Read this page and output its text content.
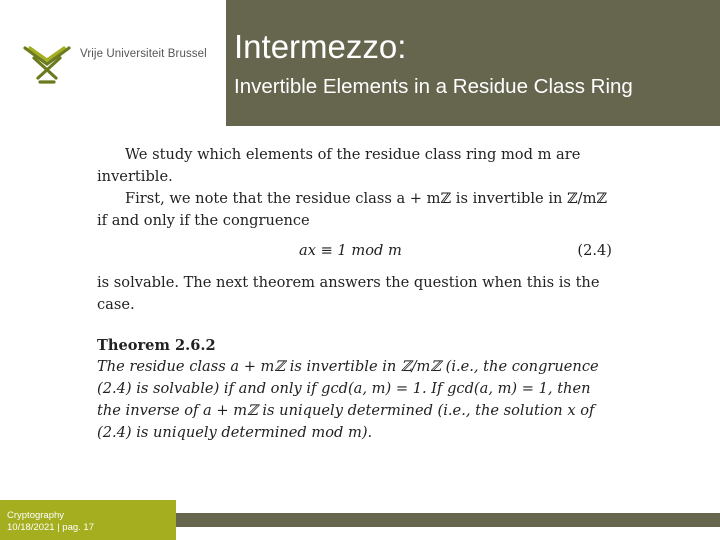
Vrije Universiteit Brussel Intermezzo:
Invertible Elements in a Residue Class Ring

We study which elements of the residue class ring mod m are invertible.

First, we note that the residue class a + mℤ is invertible in ℤ/mℤ if and only if the congruence

ax ≡ 1 mod m	(2.4)

is solvable. The next theorem answers the question when this is the case.

Theorem 2.6.2

The residue class a + mℤ is invertible in ℤ/mℤ (i.e., the congruence (2.4) is solvable) if and only if gcd(a, m) = 1. If gcd(a, m) = 1, then the inverse of a + mℤ is uniquely determined (i.e., the solution x of (2.4) is uniquely determined mod m).

Cryptography
10/18/2021 | pag. 17
